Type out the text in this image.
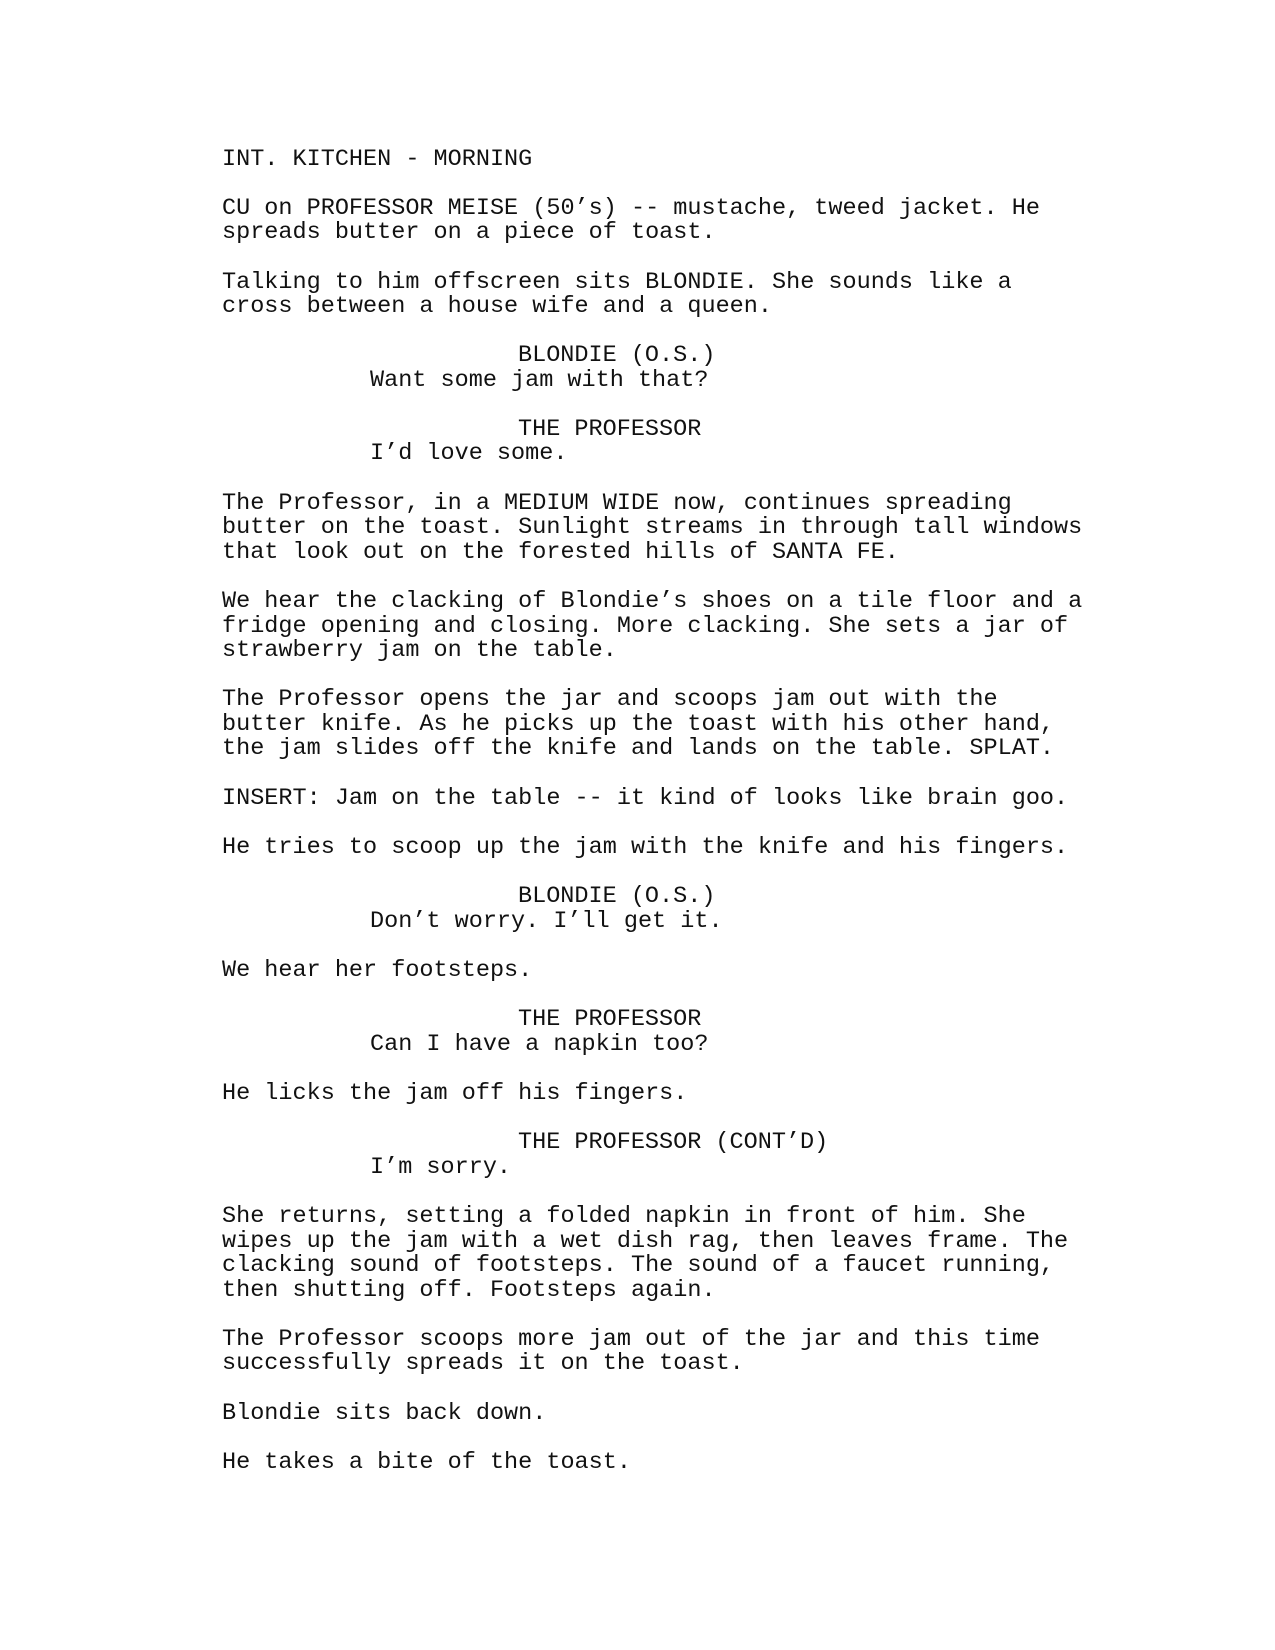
INT. KITCHEN - MORNING

CU on PROFESSOR MEISE (50’s) -- mustache, tweed jacket. He

spreads butter on a piece of toast.

Talking to him offscreen sits BLONDIE. She sounds like a

cross between a house wife and a queen.

BLONDIE (O.S.)

Want some jam with that?

THE PROFESSOR

I’d love some.

The Professor, in a MEDIUM WIDE now, continues spreading

butter on the toast. Sunlight streams in through tall windows

that look out on the forested hills of SANTA FE.

We hear the clacking of Blondie’s shoes on a tile floor and a

fridge opening and closing. More clacking. She sets a jar of

strawberry jam on the table.

The Professor opens the jar and scoops jam out with the

butter knife. As he picks up the toast with his other hand,

the jam slides off the knife and lands on the table. SPLAT.

INSERT: Jam on the table -- it kind of looks like brain goo.

He tries to scoop up the jam with the knife and his fingers.

BLONDIE (O.S.)

Don’t worry. I’ll get it.

We hear her footsteps.

THE PROFESSOR

Can I have a napkin too?

He licks the jam off his fingers.

THE PROFESSOR (CONT’D)

I’m sorry.

She returns, setting a folded napkin in front of him. She

wipes up the jam with a wet dish rag, then leaves frame. The

clacking sound of footsteps. The sound of a faucet running,

then shutting off. Footsteps again.

The Professor scoops more jam out of the jar and this time

successfully spreads it on the toast.

Blondie sits back down.

He takes a bite of the toast.
